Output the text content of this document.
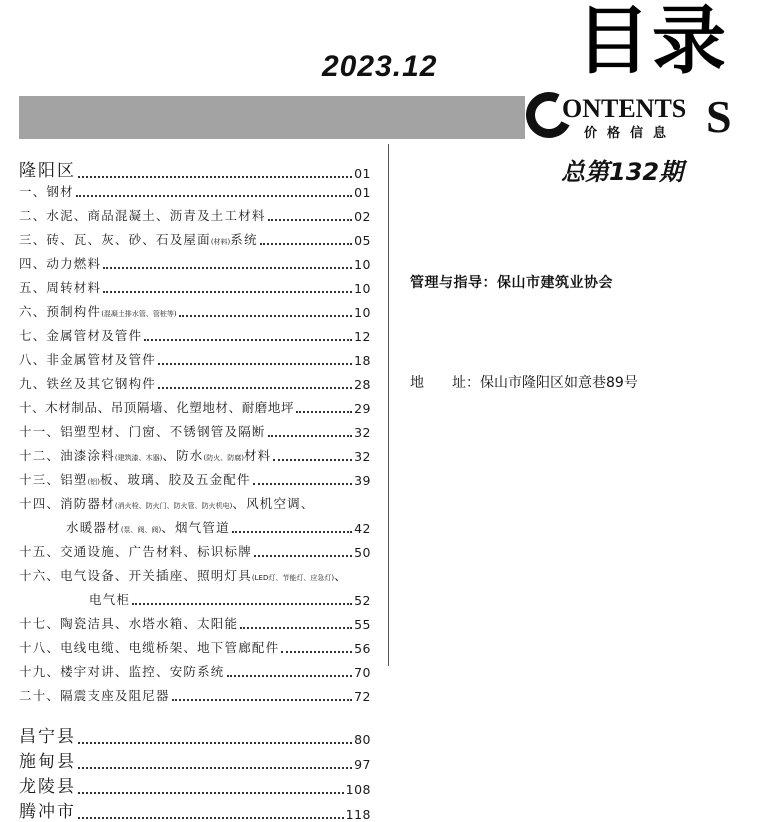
2023.12 目录
ONTENTS S
价格信息
总第132期
隆阳区	01
一、钢材	01
二、水泥、商品混凝土、沥青及土工材料	02
三、砖、瓦、灰、砂、石及屋面(材料)系统	05
四、动力燃料	10
五、周转材料	10
六、预制构件(混凝土排水管、管桩等)	10
七、金属管材及管件	12
八、非金属管材及管件	18
九、铁丝及其它钢构件	28
十、木材制品、吊顶隔墙、化塑地材、耐磨地坪	29
十一、铝塑型材、门窗、不锈钢管及隔断	32
十二、油漆涂料(建筑漆、木器)、防水(防火、防腐)材料	32
十三、铝塑(铝)板、玻璃、胶及五金配件	39
十四、消防器材(消火栓、防火门、防火管、防火机电)、风机空调、
水暖器材(泵、阀、阀)、烟气管道	42
十五、交通设施、广告材料、标识标牌	50
十六、电气设备、开关插座、照明灯具(LED灯、节能灯、应急灯)、
电气柜	52
十七、陶瓷洁具、水塔水箱、太阳能	55
十八、电线电缆、电缆桥架、地下管廊配件	56
十九、楼宇对讲、监控、安防系统	70
二十、隔震支座及阻尼器	72
昌宁县	80
施甸县	97
龙陵县	108
腾冲市	118
管理与指导：保山市建筑业协会
地　　址：保山市隆阳区如意巷89号
